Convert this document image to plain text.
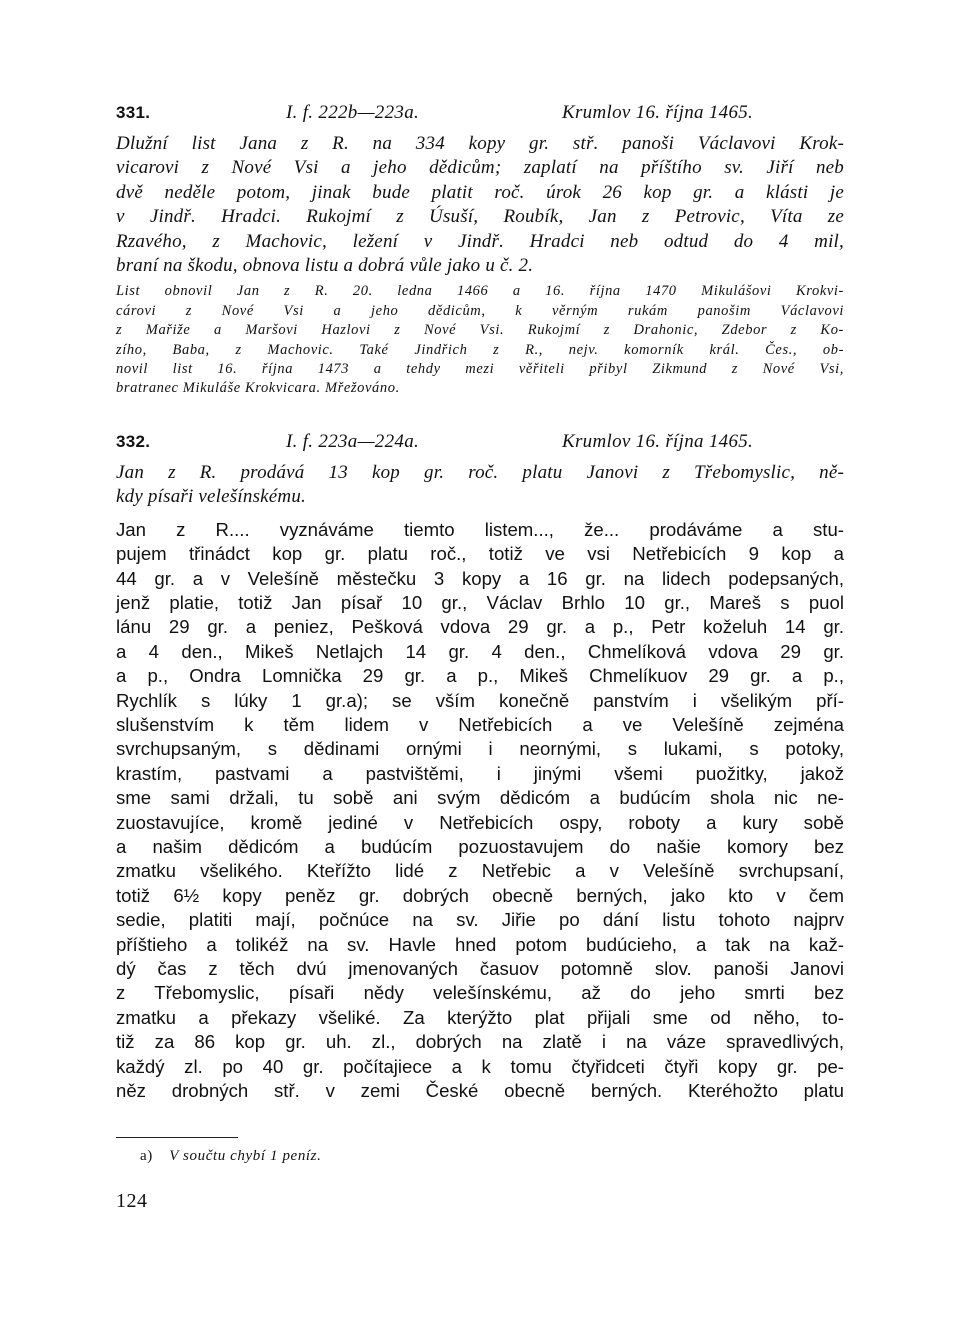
331.	I. f. 222b—223a.	Krumlov 16. října 1465.
Dlužní list Jana z R. na 334 kopy gr. stř. panoši Václavovi Krok-
vicarovi z Nové Vsi a jeho dědicům; zaplatí na příštího sv. Jiří neb
dvě neděle potom, jinak bude platit roč. úrok 26 kop gr. a klásti je
v Jindř. Hradci. Rukojmí z Úsuší, Roubík, Jan z Petrovic, Víta ze
Rzavého, z Machovic, ležení v Jindř. Hradci neb odtud do 4 mil,
braní na škodu, obnova listu a dobrá vůle jako u č. 2.
List obnovil Jan z R. 20. ledna 1466 a 16. října 1470 Mikulášovi Krokvi-
cárovi z Nové Vsi a jeho dědicům, k věrným rukám panošim Václavovi
z Mařiže a Maršovi Hazlovi z Nové Vsi. Rukojmí z Drahonic, Zdebor z Ko-
zího, Baba, z Machovic. Také Jindřich z R., nejv. komorník král. Čes., ob-
novil list 16. října 1473 a tehdy mezi věřiteli přibyl Zikmund z Nové Vsi,
bratranec Mikuláše Krokvicara. Mřežováno.
332.	I. f. 223a—224a.	Krumlov 16. října 1465.
Jan z R. prodává 13 kop gr. roč. platu Janovi z Třebomyslic, ně-
kdy písaři velešínskému.
Jan z R.... vyznáváme tiemto listem..., že... prodáváme a stu-
pujem třinádct kop gr. platu roč., totiž ve vsi Netřebicích 9 kop a
44 gr. a v Velešíně městečku 3 kopy a 16 gr. na lidech podepsaných,
jenž platie, totiž Jan písař 10 gr., Václav Brhlo 10 gr., Mareš s puol
lánu 29 gr. a peniez, Pešková vdova 29 gr. a p., Petr koželuh 14 gr.
a 4 den., Mikeš Netlajch 14 gr. 4 den., Chmelíková vdova 29 gr.
a p., Ondra Lomnička 29 gr. a p., Mikeš Chmelíkuov 29 gr. a p.,
Rychlík s lúky 1 gr.a); se vším konečně panstvím i všelikým pří-
slušenstvím k těm lidem v Netřebicích a ve Velešíně zejména
svrchupsaným, s dědinami ornými i neornými, s lukami, s potoky,
krastím, pastvami a pastvištěmi, i jinými všemi puožitky, jakož
sme sami držali, tu sobě ani svým dědicóm a budúcím shola nic ne-
zuostavujíce, kromě jediné v Netřebicích ospy, roboty a kury sobě
a našim dědicóm a budúcím pozuostavujem do našie komory bez
zmatku všelikého. Kteřížto lidé z Netřebic a v Velešíně svrchupsaní,
totiž 6½ kopy peněz gr. dobrých obecně berných, jako kto v čem
sedie, platiti mají, počnúce na sv. Jiřie po dání listu tohoto najprv
příštieho a tolikéž na sv. Havle hned potom budúcieho, a tak na kaž-
dý čas z těch dvú jmenovaných časuov potomně slov. panoši Janovi
z Třebomyslic, písaři nědy velešínskému, až do jeho smrti bez
zmatku a překazy všeliké. Za kterýžto plat přijali sme od něho, to-
tiž za 86 kop gr. uh. zl., dobrých na zlatě i na váze spravedlivých,
každý zl. po 40 gr. počítajiece a k tomu čtyřidceti čtyři kopy gr. pe-
něz drobných stř. v zemi České obecně berných. Kteréhožto platu
a) V součtu chybí 1 peníz.
124
